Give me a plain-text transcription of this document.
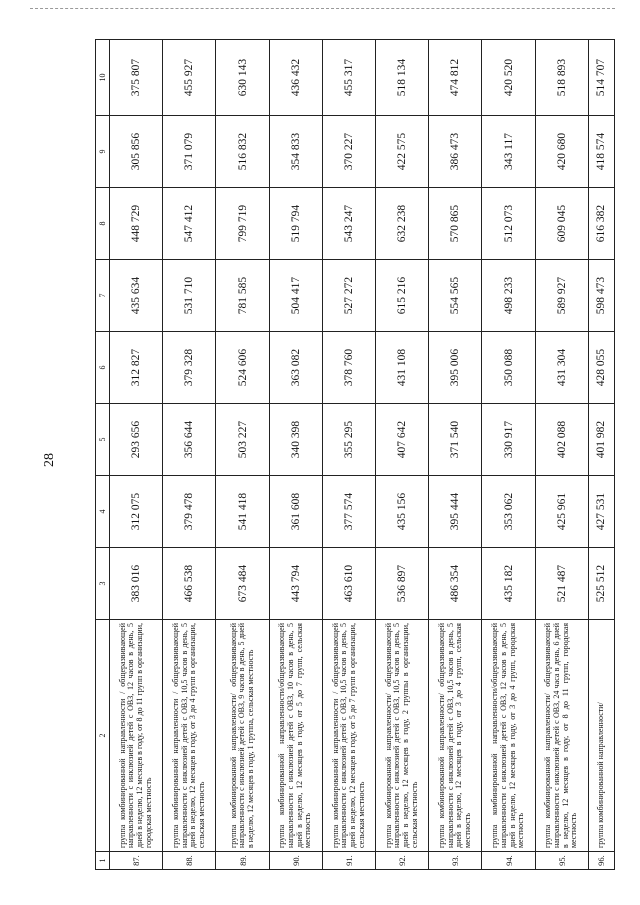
28
1	2	3	4	5	6	7	8	9	10
87.	группа комбинированной направленности / общеразвивающей направленности с инклюзией детей с ОВЗ, 12 часов в день, 5 дней в неделю, 12 месяцев в году, от 8 до 11 групп в организации, городская местность	383 016	312 075	293 656	312 827	435 634	448 729	305 856	375 807
88.	группа комбинированной направленности / общеразвивающей направленности с инклюзией детей с ОВЗ, 10,5 часов в день, 5 дней в неделю, 12 месяцев в году, от 3 до 4 групп в организации, сельская местность	466 538	379 478	356 644	379 328	531 710	547 412	371 079	455 927
89.	группа комбинированной направленности/ общеразвивающей направленности с инклюзией детей с ОВЗ, 9 часов в день, 5 дней в неделю, 12 месяцев в году, 1 группа, сельская местность	673 484	541 418	503 227	524 606	781 585	799 719	516 832	630 143
90.	группа комбинированной направленности/общеразвивающей направленности с инклюзией детей с ОВЗ, 10 часов в день, 5 дней в неделю, 12 месяцев в году, от 5 до 7 групп, сельская местность	443 794	361 608	340 398	363 082	504 417	519 794	354 833	436 432
91.	группа комбинированной направленности / общеразвивающей направленности с инклюзией детей с ОВЗ, 10,5 часов в день, 5 дней в неделю, 12 месяцев в году, от 5 до 7 групп в организации, сельская местность	463 610	377 574	355 295	378 760	527 272	543 247	370 227	455 317
92.	группа комбинированной направленности/ общеразвивающей направленности с инклюзией детей с ОВЗ, 10,5 часов в день, 5 дней в неделю, 12 месяцев в году, 2 группы в организации, сельская местность	536 897	435 156	407 642	431 108	615 216	632 238	422 575	518 134
93.	группа комбинированной направленности/ общеразвивающей направленности с инклюзией детей с ОВЗ, 10,5 часов в день, 5 дней в неделю, 12 месяцев в году, от 3 до 4 групп, сельская местность	486 354	395 444	371 540	395 006	554 565	570 865	386 473	474 812
94.	группа комбинированной направленности/общеразвивающей направленности с инклюзией детей с ОВЗ, 12 часов в день, 5 дней в неделю, 12 месяцев в году, от 3 до 4 групп, городская местность	435 182	353 062	330 917	350 088	498 233	512 073	343 117	420 520
95.	группа комбинированной направленности/ общеразвивающей направленности с инклюзией детей с ОВЗ, 24 часа в день, 6 дней в неделю, 12 месяцев в году, от 8 до 11 групп, городская местность	521 487	425 961	402 088	431 304	589 927	609 045	420 680	518 893
96.	группа комбинированной направленности/	525 512	427 531	401 982	428 055	598 473	616 382	418 574	514 707
